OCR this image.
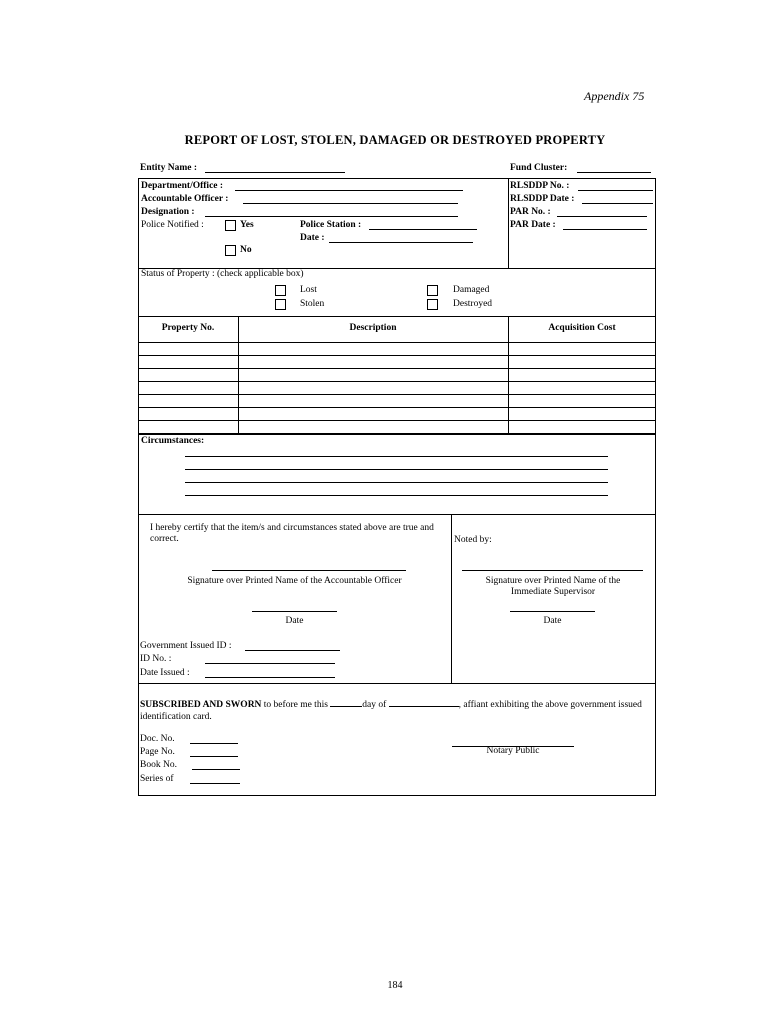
Appendix 75
REPORT OF LOST, STOLEN, DAMAGED OR DESTROYED PROPERTY
Entity Name :	Fund Cluster:
Department/Office :
Accountable Officer :
Designation :
Police Notified :	Yes
No
Police Station :
Date :
RLSDDP No. :
RLSDDP Date :
PAR No. :
PAR Date :
Status of Property : (check applicable box)
Lost
Stolen
Damaged
Destroyed
Property No.	Description	Acquisition Cost
Circumstances:
I hereby certify that the item/s and circumstances stated above are true and correct.
Signature over Printed Name of the Accountable Officer
Date
Government Issued ID :
ID No. :
Date Issued :
Noted by:
Signature over Printed Name of the Immediate Supervisor
Date
SUBSCRIBED AND SWORN to before me this	day of	, affiant exhibiting the above government issued identification card.
Doc. No.
Page No.
Book No.
Series of
Notary Public
184
